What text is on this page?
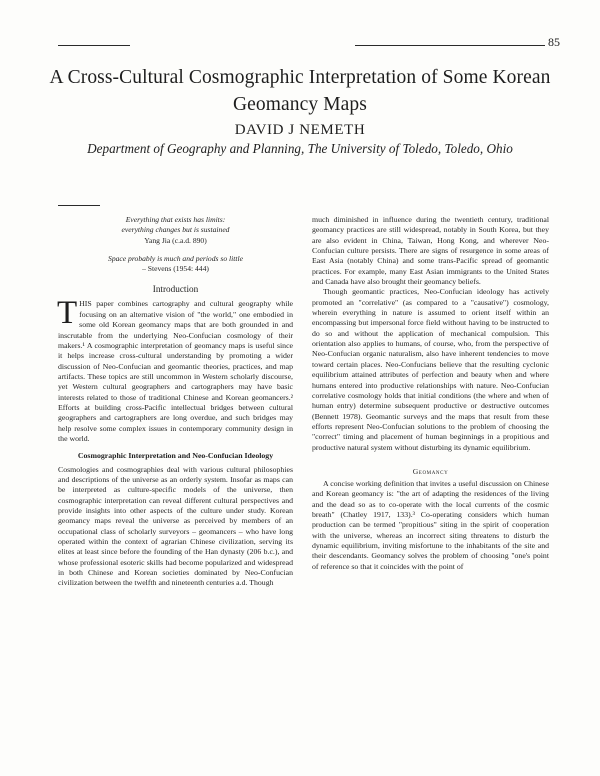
85
A Cross-Cultural Cosmographic Interpretation of Some Korean
Geomancy Maps
DAVID J NEMETH
Department of Geography and Planning, The University of Toledo, Toledo, Ohio
Everything that exists has limits:
everything changes but is sustained
Yang Jia (c.a.d. 890)
Space probably is much and periods so little
– Stevens (1954: 444)
Introduction

THIS paper combines cartography and cultural geography while focusing on an alternative vision of "the world," one embodied in some old Korean geomancy maps that are both grounded in and inscrutable from the underlying Neo-Confucian cosmology of their makers.¹ A cosmographic interpretation of geomancy maps is useful since it helps increase cross-cultural understanding by promoting a wider discussion of Neo-Confucian and geomantic theories, practices, and map artifacts. These topics are still uncommon in Western scholarly discourse, yet Western cultural geographers and cartographers may have basic interests related to those of traditional Chinese and Korean geomancers.² Efforts at building cross-Pacific intellectual bridges between cultural geographers and cartographers are long overdue, and such bridges may help resolve some complex issues in contemporary community design in the world.

Cosmographic Interpretation and Neo-Confucian Ideology

Cosmologies and cosmographies deal with various cultural philosophies and descriptions of the universe as an orderly system. Insofar as maps can be interpreted as culture-specific models of the universe, then cosmographic interpretation can reveal different cultural perspectives and provide insights into other aspects of the culture under study. Korean geomancy maps reveal the universe as perceived by members of an occupational class of scholarly surveyors – geomancers – who have long operated within the context of agrarian Chinese civilization, serving its elites at least since before the founding of the Han dynasty (206 b.c.), and whose professional esoteric skills had become popularized and widespread in both Chinese and Korean societies dominated by Neo-Confucian civilization between the twelfth and nineteenth centuries a.d. Though

much diminished in influence during the twentieth century, traditional geomancy practices are still widespread, notably in South Korea, but they are also evident in China, Taiwan, Hong Kong, and wherever Neo-Confucian culture persists. There are signs of resurgence in some areas of East Asia (notably China) and some trans-Pacific spread of geomantic practices. For example, many East Asian immigrants to the United States and Canada have also brought their geomancy beliefs.

Though geomantic practices, Neo-Confucian ideology has actively promoted an "correlative" (as compared to a "causative") cosmology, wherein everything in nature is assumed to orient itself within an encompassing but impersonal force field without having to be instructed to do so and without the application of mechanical compulsion. This orientation also applies to humans, of course, who, from the perspective of Neo-Confucian organic naturalism, also have inherent tendencies to move toward certain places. Neo-Confucians believe that the resulting cyclonic equilibrium attained attributes of perfection and beauty when and where humans entered into productive relationships with nature. Neo-Confucian correlative cosmology holds that initial conditions (the where and when of human entry) determine subsequent productive or destructive outcomes (Bennett 1978). Geomantic surveys and the maps that result from these efforts represent Neo-Confucian solutions to the problem of choosing the "correct" timing and placement of human beginnings in a propitious and productive natural system without disturbing its dynamic equilibrium.

Geomancy

A concise working definition that invites a useful discussion on Chinese and Korean geomancy is: "the art of adapting the residences of the living and the dead so as to co-operate with the local currents of the cosmic breath" (Chatley 1917, 133).³ Co-operating considers which human production can be termed "propitious" siting in the spirit of cooperation with the universe, whereas an incorrect siting threatens to disturb the dynamic equilibrium, inviting misfortune to the inhabitants of the site and their descendants. Geomancy solves the problem of choosing "one's point of reference so that it coincides with the point of
